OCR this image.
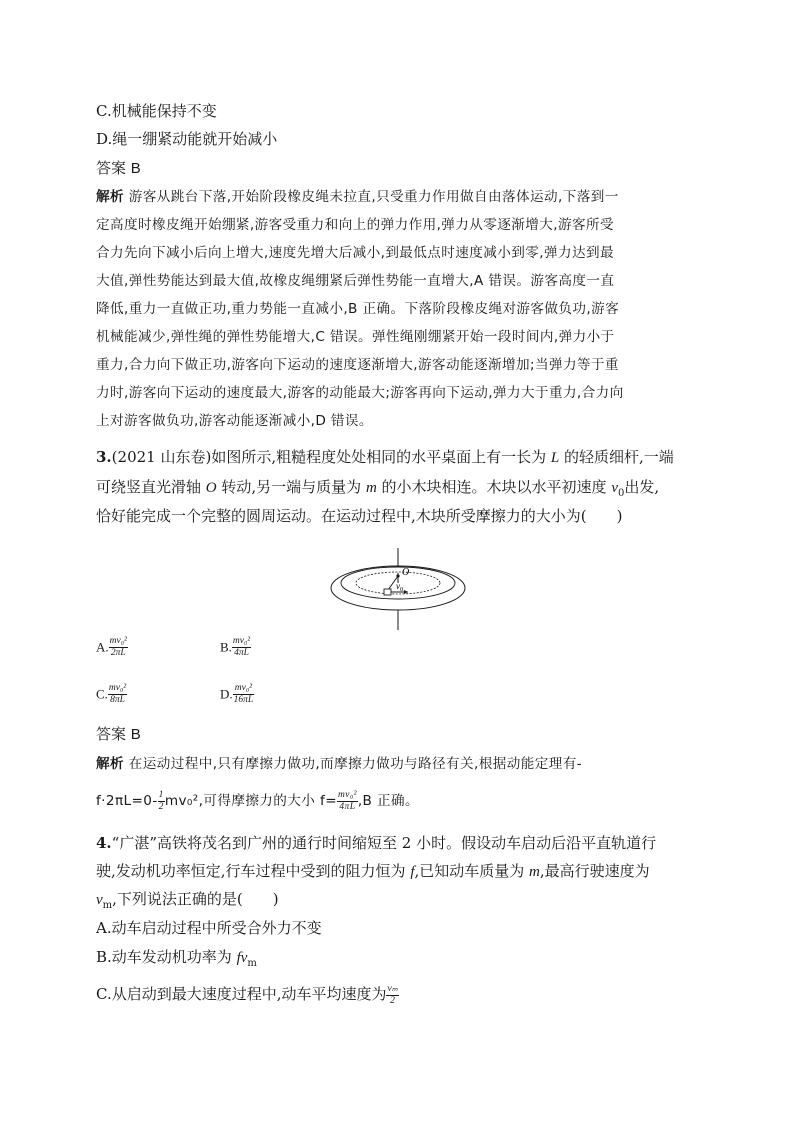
C.机械能保持不变
D.绳一绷紧动能就开始减小
答案 B
解析 游客从跳台下落,开始阶段橡皮绳未拉直,只受重力作用做自由落体运动,下落到一
定高度时橡皮绳开始绷紧,游客受重力和向上的弹力作用,弹力从零逐渐增大,游客所受
合力先向下减小后向上增大,速度先增大后减小,到最低点时速度减小到零,弹力达到最
大值,弹性势能达到最大值,故橡皮绳绷紧后弹性势能一直增大,A 错误。游客高度一直
降低,重力一直做正功,重力势能一直减小,B 正确。下落阶段橡皮绳对游客做负功,游客
机械能减少,弹性绳的弹性势能增大,C 错误。弹性绳刚绷紧开始一段时间内,弹力小于
重力,合力向下做正功,游客向下运动的速度逐渐增大,游客动能逐渐增加;当弹力等于重
力时,游客向下运动的速度最大,游客的动能最大;游客再向下运动,弹力大于重力,合力向
上对游客做负功,游客动能逐渐减小,D 错误。
3.(2021 山东卷)如图所示,粗糙程度处处相同的水平桌面上有一长为 L 的轻质细杆,一端
可绕竖直光滑轴 O 转动,另一端与质量为 m 的小木块相连。木块以水平初速度 $v_0$出发,
恰好能完成一个完整的圆周运动。在运动过程中,木块所受摩擦力的大小为(　　)
O
$v_0$
A. $\frac{\text{mv₀²}}{2\pi L}$	B. $\frac{\text{mv₀²}}{4\pi L}$
C. $\frac{\text{mv₀²}}{8\pi L}$	D. $\frac{\text{mv₀²}}{16\pi L}$
答案 B
解析 在运动过程中,只有摩擦力做功,而摩擦力做功与路径有关,根据动能定理有-
$f\cdot 2\pi L=0- \frac{1}{2} mv_0^2$,可得摩擦力的大小 $f= \frac{\text{mv₀²}}{4\pi L} ,B$ 正确。
4.“广湛”高铁将茂名到广州的通行时间缩短至 2 小时。假设动车启动后沿平直轨道行
驶,发动机功率恒定,行车过程中受到的阻力恒为 f,已知动车质量为 m,最高行驶速度为
$v_m$,下列说法正确的是(　　)
A.动车启动过程中所受合外力不变
B.动车发动机功率为 $fv_m$
C.从启动到最大速度过程中,动车平均速度为 $\frac{\text{vₘ}}{2}$
